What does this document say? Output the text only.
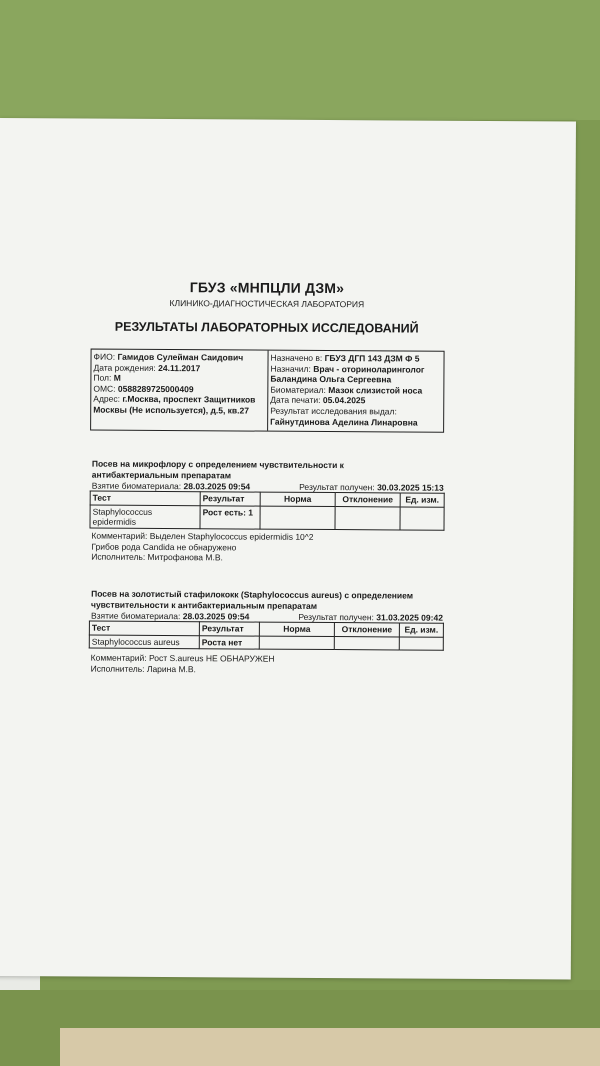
ГБУЗ «МНПЦЛИ ДЗМ»
КЛИНИКО-ДИАГНОСТИЧЕСКАЯ ЛАБОРАТОРИЯ
РЕЗУЛЬТАТЫ ЛАБОРАТОРНЫХ ИССЛЕДОВАНИЙ
ФИО: Гамидов Сулейман Саидович
Дата рождения: 24.11.2017
Пол: М
ОМС: 0588289725000409
Адрес: г.Москва, проспект Защитников Москвы (Не используется), д.5, кв.27
Назначено в: ГБУЗ ДГП 143 ДЗМ Ф 5
Назначил: Врач - оториноларинголог
Баландина Ольга Сергеевна
Биоматериал: Мазок слизистой носа
Дата печати: 05.04.2025
Результат исследования выдал:
Гайнутдинова Аделина Линаровна
Посев на микрофлору с определением чувствительности к антибактериальным препаратам
Взятие биоматериала: 28.03.2025 09:54	Результат получен: 30.03.2025 15:13
Тест	Результат	Норма	Отклонение	Ед. изм.
Staphylococcus epidermidis	Рост есть: 1			
Комментарий: Выделен Staphylococcus epidermidis 10^2
Грибов рода Candida не обнаружено
Исполнитель: Митрофанова М.В.
Посев на золотистый стафилококк (Staphylococcus aureus) с определением чувствительности к антибактериальным препаратам
Взятие биоматериала: 28.03.2025 09:54	Результат получен: 31.03.2025 09:42
Тест	Результат	Норма	Отклонение	Ед. изм.
Staphylococcus aureus	Роста нет			
Комментарий: Рост S.aureus НЕ ОБНАРУЖЕН
Исполнитель: Ларина М.В.
